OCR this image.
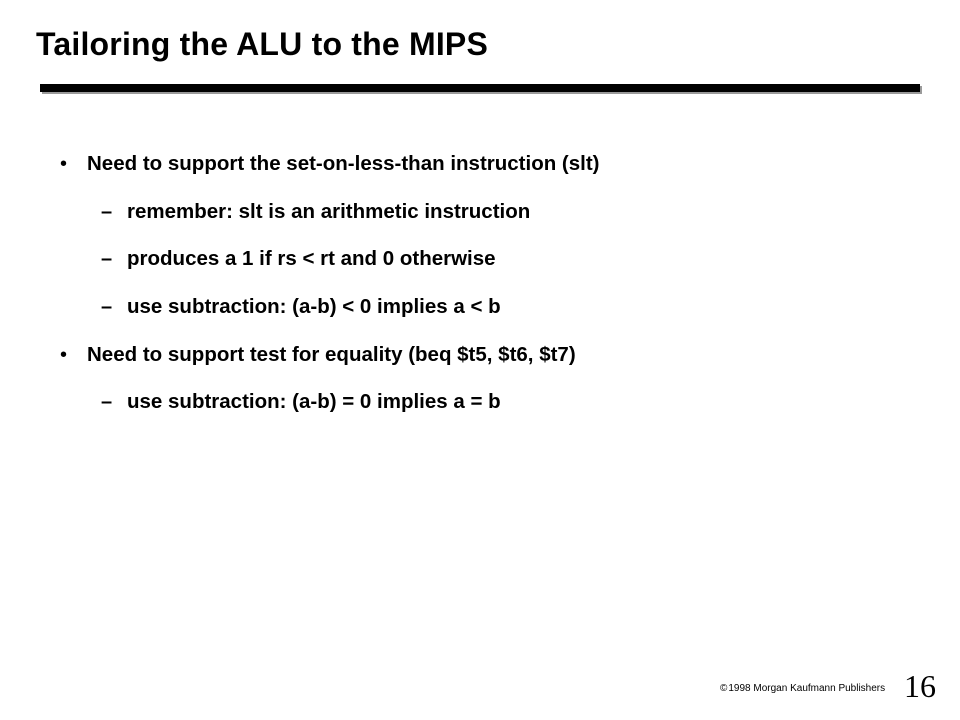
Tailoring the ALU to the MIPS
• Need to support the set-on-less-than instruction (slt)
– remember: slt is an arithmetic instruction
– produces a 1 if rs < rt and 0 otherwise
– use subtraction: (a-b) < 0 implies a < b
• Need to support test for equality (beq $t5, $t6, $t7)
– use subtraction: (a-b) = 0 implies a = b
©1998 Morgan Kaufmann Publishers 16
